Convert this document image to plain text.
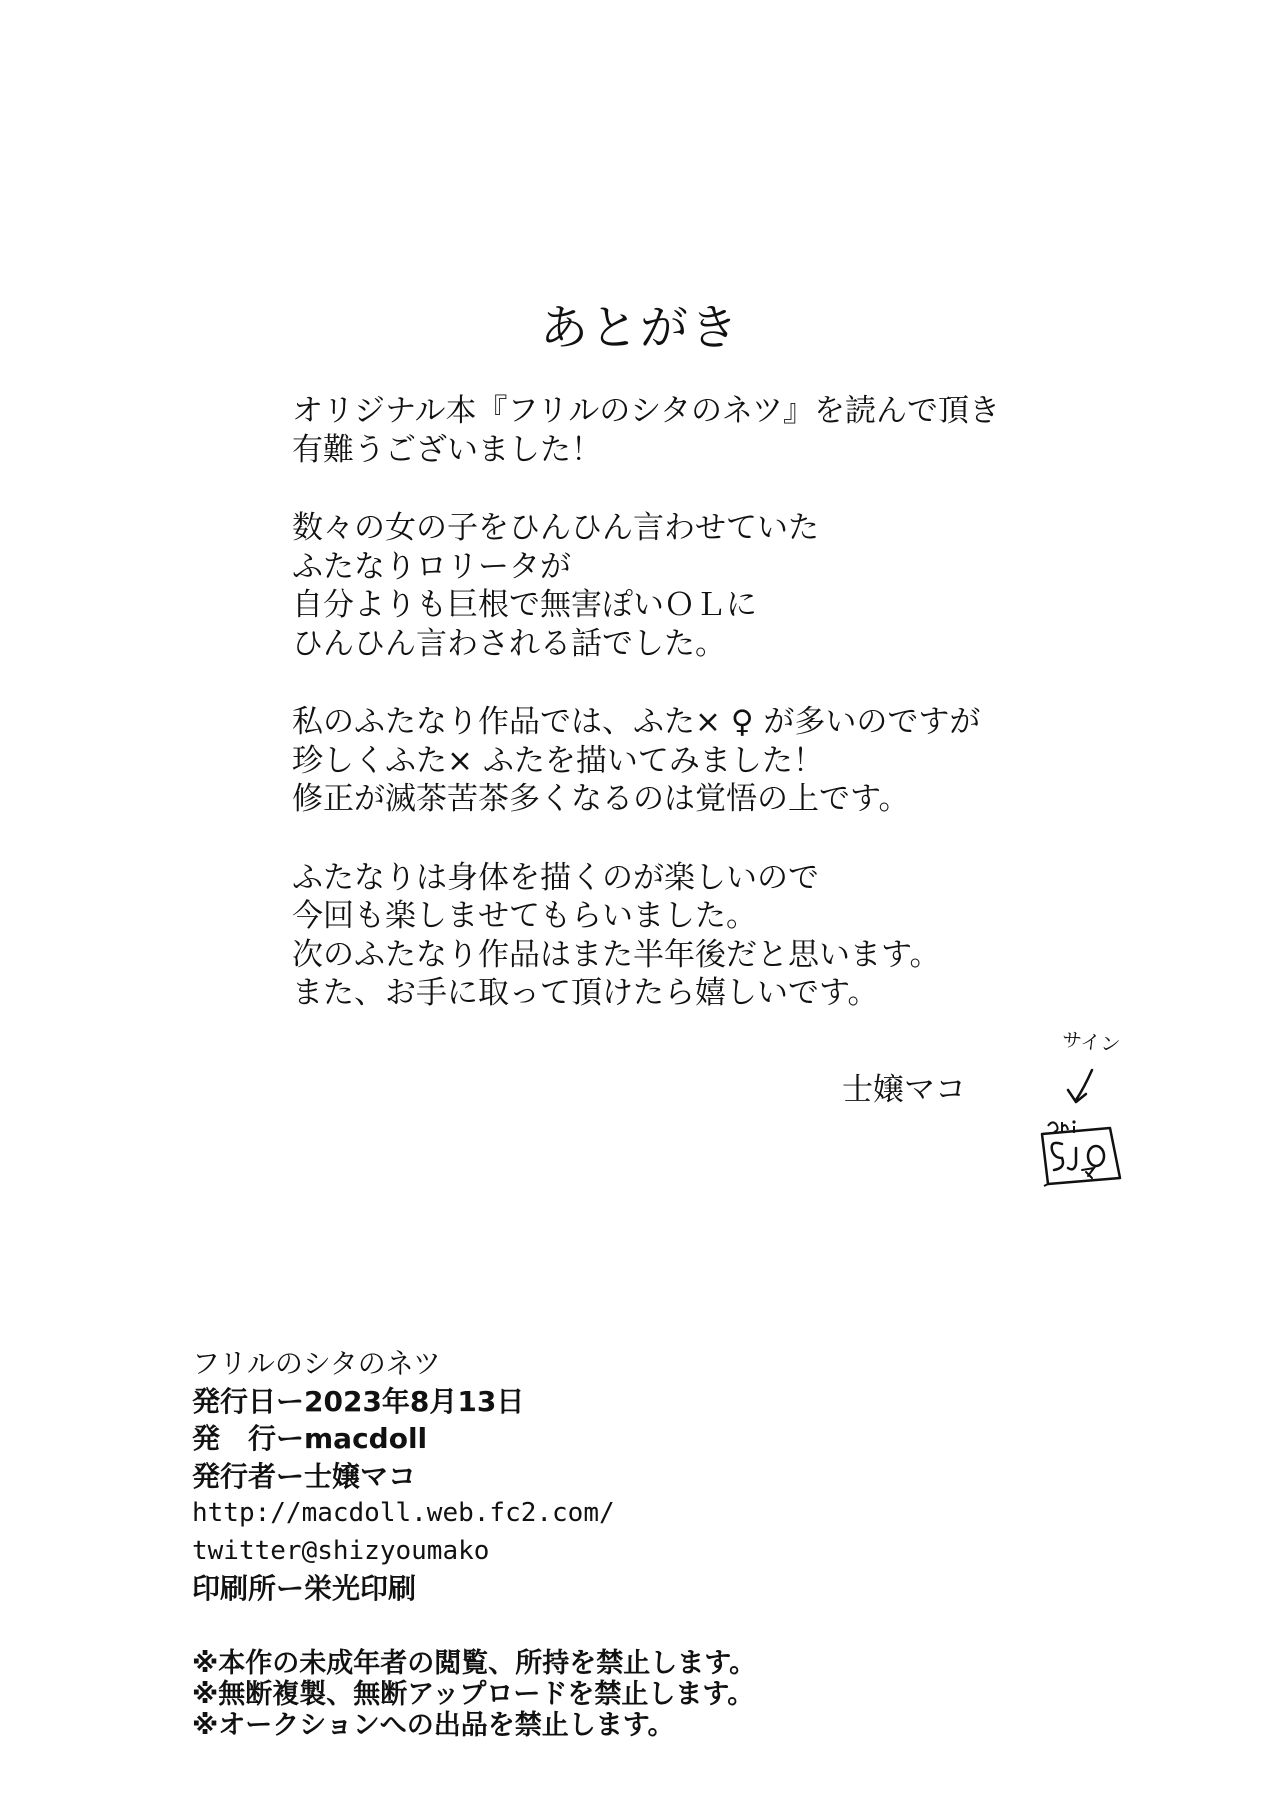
あとがき
オリジナル本『フリルのシタのネツ』を読んで頂き
有難うございました！
数々の女の子をひんひん言わせていた
ふたなりロリータが
自分よりも巨根で無害ぽいＯＬに
ひんひん言わされる話でした。
私のふたなり作品では、ふた× ♀ が多いのですが
珍しくふた× ふたを描いてみました！
修正が滅茶苦茶多くなるのは覚悟の上です。
ふたなりは身体を描くのが楽しいので
今回も楽しませてもらいました。
次のふたなり作品はまた半年後だと思います。
また、お手に取って頂けたら嬉しいです。
士嬢マコ
サイン
フリルのシタのネツ
発行日ー2023年8月13日
発　行ーmacdoll
発行者ー士嬢マコ
http://macdoll.web.fc2.com/
twitter@shizyoumako
印刷所ー栄光印刷
※本作の未成年者の閲覧、所持を禁止します。
※無断複製、無断アップロードを禁止します。
※オークションへの出品を禁止します。
